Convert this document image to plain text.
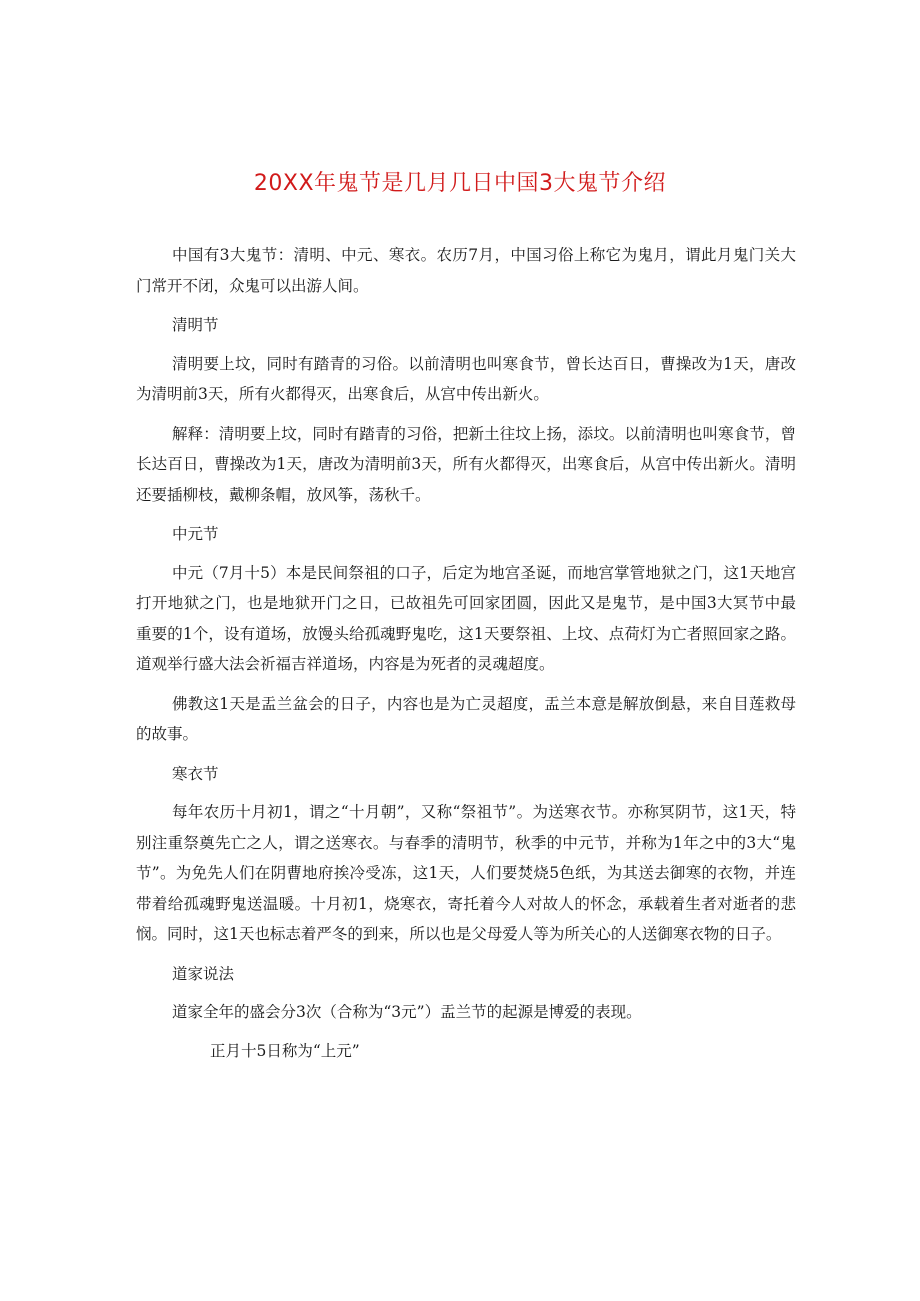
20XX年鬼节是几月几日中国3大鬼节介绍

中国有3大鬼节：清明、中元、寒衣。农历7月，中国习俗上称它为鬼月，谓此月鬼门关大门常开不闭，众鬼可以出游人间。

清明节

清明要上坟，同时有踏青的习俗。以前清明也叫寒食节，曾长达百日，曹操改为1天，唐改为清明前3天，所有火都得灭，出寒食后，从宫中传出新火。

解释：清明要上坟，同时有踏青的习俗，把新土往坟上扬，添坟。以前清明也叫寒食节，曾长达百日，曹操改为1天，唐改为清明前3天，所有火都得灭，出寒食后，从宫中传出新火。清明还要插柳枝，戴柳条帽，放风筝，荡秋千。

中元节

中元（7月十5）本是民间祭祖的口子，后定为地宫圣诞，而地宫掌管地狱之门，这1天地宫打开地狱之门，也是地狱开门之日，已故祖先可回家团圆，因此又是鬼节，是中国3大冥节中最重要的1个，设有道场，放馒头给孤魂野鬼吃，这1天要祭祖、上坟、点荷灯为亡者照回家之路。道观举行盛大法会祈福吉祥道场，内容是为死者的灵魂超度。

佛教这1天是盂兰盆会的日子，内容也是为亡灵超度，盂兰本意是解放倒悬，来自目莲救母的故事。

寒衣节

每年农历十月初1，谓之“十月朝”，又称“祭祖节”。为送寒衣节。亦称冥阴节，这1天，特别注重祭奠先亡之人，谓之送寒衣。与春季的清明节，秋季的中元节，并称为1年之中的3大“鬼节”。为免先人们在阴曹地府挨冷受冻，这1天，人们要焚烧5色纸，为其送去御寒的衣物，并连带着给孤魂野鬼送温暖。十月初1，烧寒衣，寄托着今人对故人的怀念，承载着生者对逝者的悲悯。同时，这1天也标志着严冬的到来，所以也是父母爱人等为所关心的人送御寒衣物的日子。

道家说法

道家全年的盛会分3次（合称为“3元”）盂兰节的起源是博爱的表现。

正月十5日称为“上元”
